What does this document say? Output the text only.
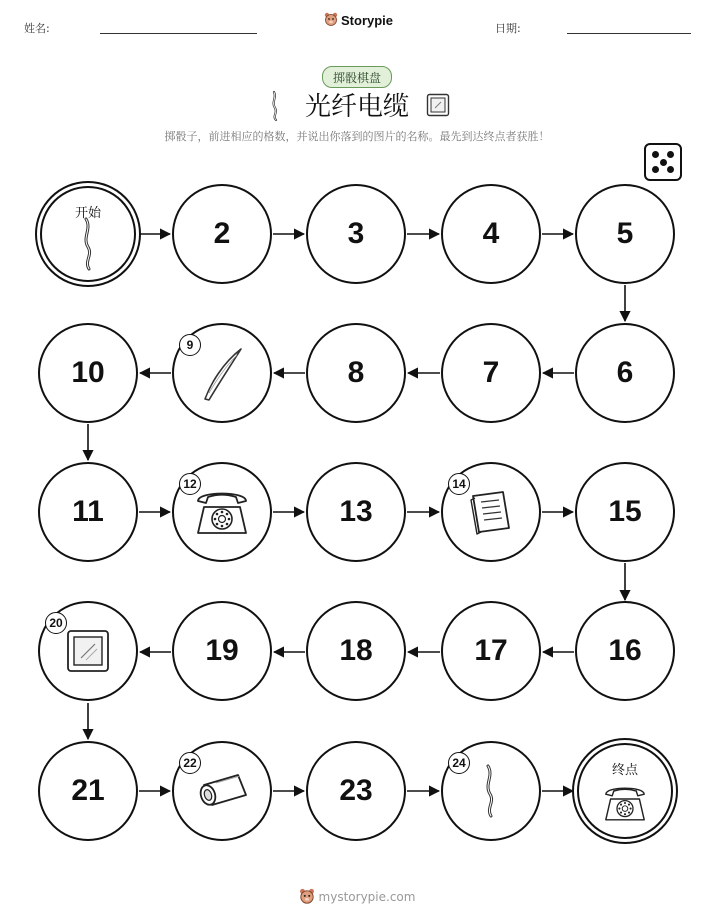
姓名:
Storypie
日期:
掷骰棋盘
光纤电缆
掷骰子，前进相应的格数，并说出你落到的图片的名称。最先到达终点者获胜！
开始
2	3	4	5
10
9
8	7	6
11
12
13
14
15
20
19	18	17	16
21
22
23
24	终点
mystorypie.com
